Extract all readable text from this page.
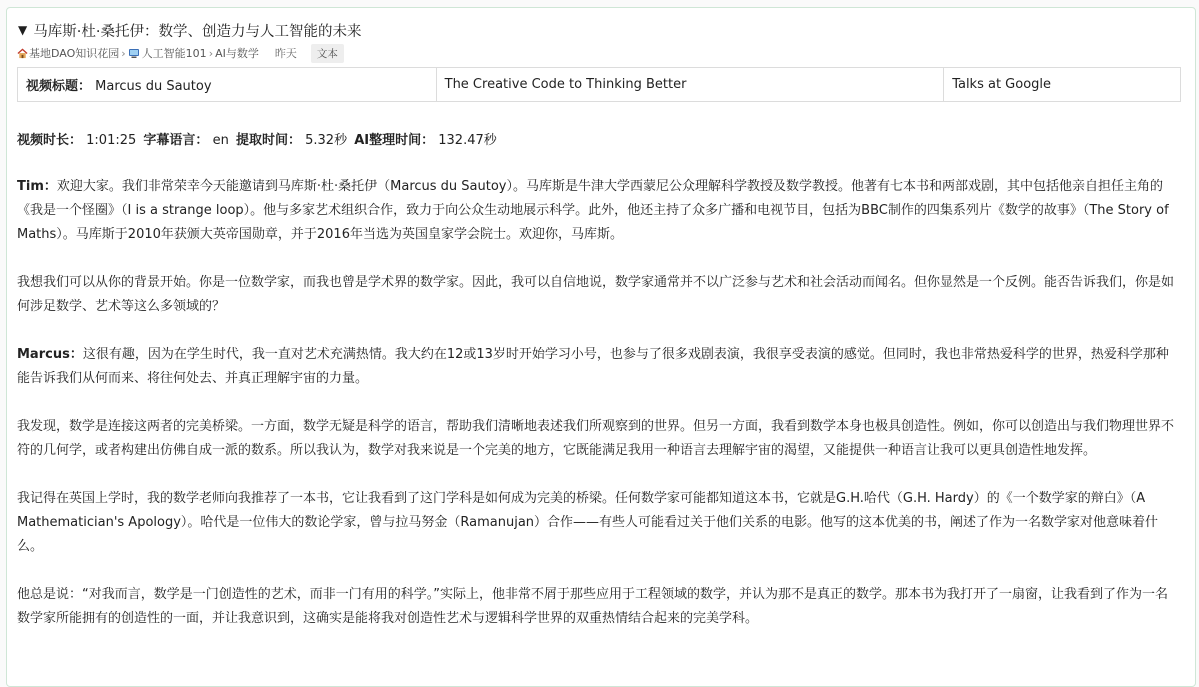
▼ 马库斯·杜·桑托伊：数学、创造力与人工智能的未来
基地DAO知识花园 › 人工智能101 › AI与数学 昨天	文本
视频标题： Marcus du Sautoy	The Creative Code to Thinking Better	Talks at Google
视频时长： 1:01:25 字幕语言： en 提取时间： 5.32秒 AI整理时间： 132.47秒

Tim：欢迎大家。我们非常荣幸今天能邀请到马库斯·杜·桑托伊（Marcus du Sautoy）。马库斯是牛津大学西蒙尼公众理解科学教授及数学教授。他著有七本书和两部戏剧，其中包括他亲自担任主角的《我是一个怪圈》（I is a strange loop）。他与多家艺术组织合作，致力于向公众生动地展示科学。此外，他还主持了众多广播和电视节目，包括为BBC制作的四集系列片《数学的故事》（The Story of Maths）。马库斯于2010年获颁大英帝国勋章，并于2016年当选为英国皇家学会院士。欢迎你，马库斯。

我想我们可以从你的背景开始。你是一位数学家，而我也曾是学术界的数学家。因此，我可以自信地说，数学家通常并不以广泛参与艺术和社会活动而闻名。但你显然是一个反例。能否告诉我们，你是如何涉足数学、艺术等这么多领域的？

Marcus：这很有趣，因为在学生时代，我一直对艺术充满热情。我大约在12或13岁时开始学习小号，也参与了很多戏剧表演，我很享受表演的感觉。但同时，我也非常热爱科学的世界，热爱科学那种能告诉我们从何而来、将往何处去、并真正理解宇宙的力量。

我发现，数学是连接这两者的完美桥梁。一方面，数学无疑是科学的语言，帮助我们清晰地表述我们所观察到的世界。但另一方面，我看到数学本身也极具创造性。例如，你可以创造出与我们物理世界不符的几何学，或者构建出仿佛自成一派的数系。所以我认为，数学对我来说是一个完美的地方，它既能满足我用一种语言去理解宇宙的渴望，又能提供一种语言让我可以更具创造性地发挥。

我记得在英国上学时，我的数学老师向我推荐了一本书，它让我看到了这门学科是如何成为完美的桥梁。任何数学家可能都知道这本书，它就是G.H.哈代（G.H. Hardy）的《一个数学家的辩白》（A Mathematician's Apology）。哈代是一位伟大的数论学家，曾与拉马努金（Ramanujan）合作——有些人可能看过关于他们关系的电影。他写的这本优美的书，阐述了作为一名数学家对他意味着什么。

他总是说：“对我而言，数学是一门创造性的艺术，而非一门有用的科学。”实际上，他非常不屑于那些应用于工程领域的数学，并认为那不是真正的数学。那本书为我打开了一扇窗，让我看到了作为一名数学家所能拥有的创造性的一面，并让我意识到，这确实是能将我对创造性艺术与逻辑科学世界的双重热情结合起来的完美学科。
